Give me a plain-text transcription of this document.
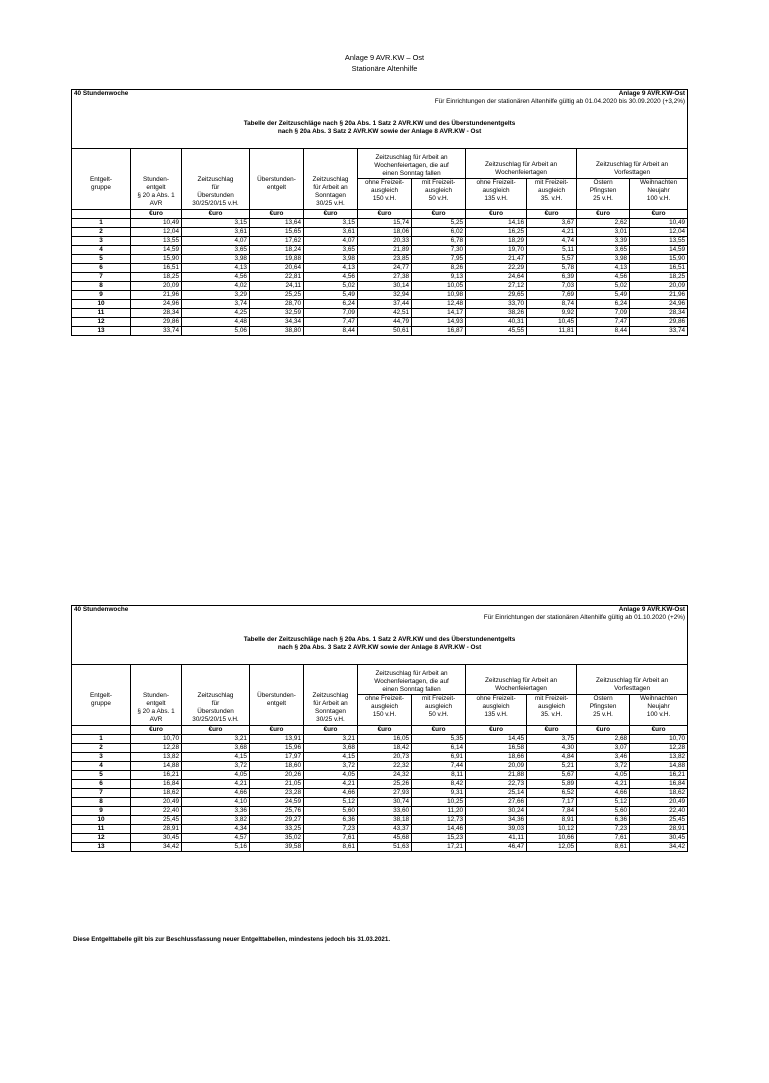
Anlage 9 AVR.KW – Ost
Stationäre Altenhilfe
40 Stundenwoche						Anlage 9 AVR.KW-Ost				
Für Einrichtungen der stationären Altenhilfe gültig ab 01.04.2020 bis 30.09.2020 (+3,2%)										

Tabelle der Zeitzuschläge nach § 20a Abs. 1 Satz 2 AVR.KW und des Überstundenentgelts
nach § 20a Abs. 3 Satz 2 AVR.KW sowie der Anlage 8 AVR.KW - Ost										

Entgelt-
gruppe	Stunden-
entgelt
§ 20 a Abs. 1
AVR	Zeitzuschlag
für
Überstunden
30/25/20/15 v.H.	Überstunden-
entgelt	Zeitzuschlag
für Arbeit an
Sonntagen
30/25 v.H.	Zeitzuschlag für Arbeit an
Wochenfeiertagen, die auf
einen Sonntag fallen		Zeitzuschlag für Arbeit an
Wochenfeiertagen		Zeitzuschlag für Arbeit an
Vorfesttagen	
					ohne Freizeit-
ausgleich
150 v.H.	mit Freizeit-
ausgleich
50 v.H.	ohne Freizeit-
ausgleich
135 v.H.	mit Freizeit-
ausgleich
35. v.H.	Ostern
Pfingsten
25 v.H.	Weihnachten
Neujahr
100 v.H.
	€uro	€uro	€uro	€uro	€uro	€uro	€uro	€uro	€uro	€uro
1	10,49	3,15	13,64	3,15	15,74	5,25	14,16	3,67	2,62	10,49
2	12,04	3,61	15,65	3,61	18,06	6,02	16,25	4,21	3,01	12,04
3	13,55	4,07	17,62	4,07	20,33	6,78	18,29	4,74	3,39	13,55
4	14,59	3,65	18,24	3,65	21,89	7,30	19,70	5,11	3,65	14,59
5	15,90	3,98	19,88	3,98	23,85	7,95	21,47	5,57	3,98	15,90
6	16,51	4,13	20,64	4,13	24,77	8,26	22,29	5,78	4,13	16,51
7	18,25	4,56	22,81	4,56	27,38	9,13	24,64	6,39	4,56	18,25
8	20,09	4,02	24,11	5,02	30,14	10,05	27,12	7,03	5,02	20,09
9	21,96	3,29	25,25	5,49	32,94	10,98	29,65	7,69	5,49	21,96
10	24,96	3,74	28,70	6,24	37,44	12,48	33,70	8,74	6,24	24,96
11	28,34	4,25	32,59	7,09	42,51	14,17	38,26	9,92	7,09	28,34
12	29,86	4,48	34,34	7,47	44,79	14,93	40,31	10,45	7,47	29,86
13	33,74	5,06	38,80	8,44	50,61	16,87	45,55	11,81	8,44	33,74
40 Stundenwoche						Anlage 9 AVR.KW-Ost				
Für Einrichtungen der stationären Altenhilfe gültig ab 01.10.2020 (+2%)										

Tabelle der Zeitzuschläge nach § 20a Abs. 1 Satz 2 AVR.KW und des Überstundenentgelts
nach § 20a Abs. 3 Satz 2 AVR.KW sowie der Anlage 8 AVR.KW - Ost										

Entgelt-
gruppe	Stunden-
entgelt
§ 20 a Abs. 1
AVR	Zeitzuschlag
für
Überstunden
30/25/20/15 v.H.	Überstunden-
entgelt	Zeitzuschlag
für Arbeit an
Sonntagen
30/25 v.H.	Zeitzuschlag für Arbeit an
Wochenfeiertagen, die auf
einen Sonntag fallen		Zeitzuschlag für Arbeit an
Wochenfeiertagen		Zeitzuschlag für Arbeit an
Vorfesttagen	
					ohne Freizeit-
ausgleich
150 v.H.	mit Freizeit-
ausgleich
50 v.H.	ohne Freizeit-
ausgleich
135 v.H.	mit Freizeit-
ausgleich
35. v.H.	Ostern
Pfingsten
25 v.H.	Weihnachten
Neujahr
100 v.H.
	€uro	€uro	€uro	€uro	€uro	€uro	€uro	€uro	€uro	€uro
1	10,70	3,21	13,91	3,21	16,05	5,35	14,45	3,75	2,68	10,70
2	12,28	3,68	15,96	3,68	18,42	6,14	16,58	4,30	3,07	12,28
3	13,82	4,15	17,97	4,15	20,73	6,91	18,66	4,84	3,46	13,82
4	14,88	3,72	18,60	3,72	22,32	7,44	20,09	5,21	3,72	14,88
5	16,21	4,05	20,26	4,05	24,32	8,11	21,88	5,67	4,05	16,21
6	16,84	4,21	21,05	4,21	25,26	8,42	22,73	5,89	4,21	16,84
7	18,62	4,66	23,28	4,66	27,93	9,31	25,14	6,52	4,66	18,62
8	20,49	4,10	24,59	5,12	30,74	10,25	27,66	7,17	5,12	20,49
9	22,40	3,36	25,76	5,60	33,60	11,20	30,24	7,84	5,60	22,40
10	25,45	3,82	29,27	6,36	38,18	12,73	34,36	8,91	6,36	25,45
11	28,91	4,34	33,25	7,23	43,37	14,46	39,03	10,12	7,23	28,91
12	30,45	4,57	35,02	7,61	45,68	15,23	41,11	10,66	7,61	30,45
13	34,42	5,16	39,58	8,61	51,63	17,21	46,47	12,05	8,61	34,42
Diese Entgelttabelle gilt bis zur Beschlussfassung neuer Entgelttabellen, mindestens jedoch bis 31.03.2021.
